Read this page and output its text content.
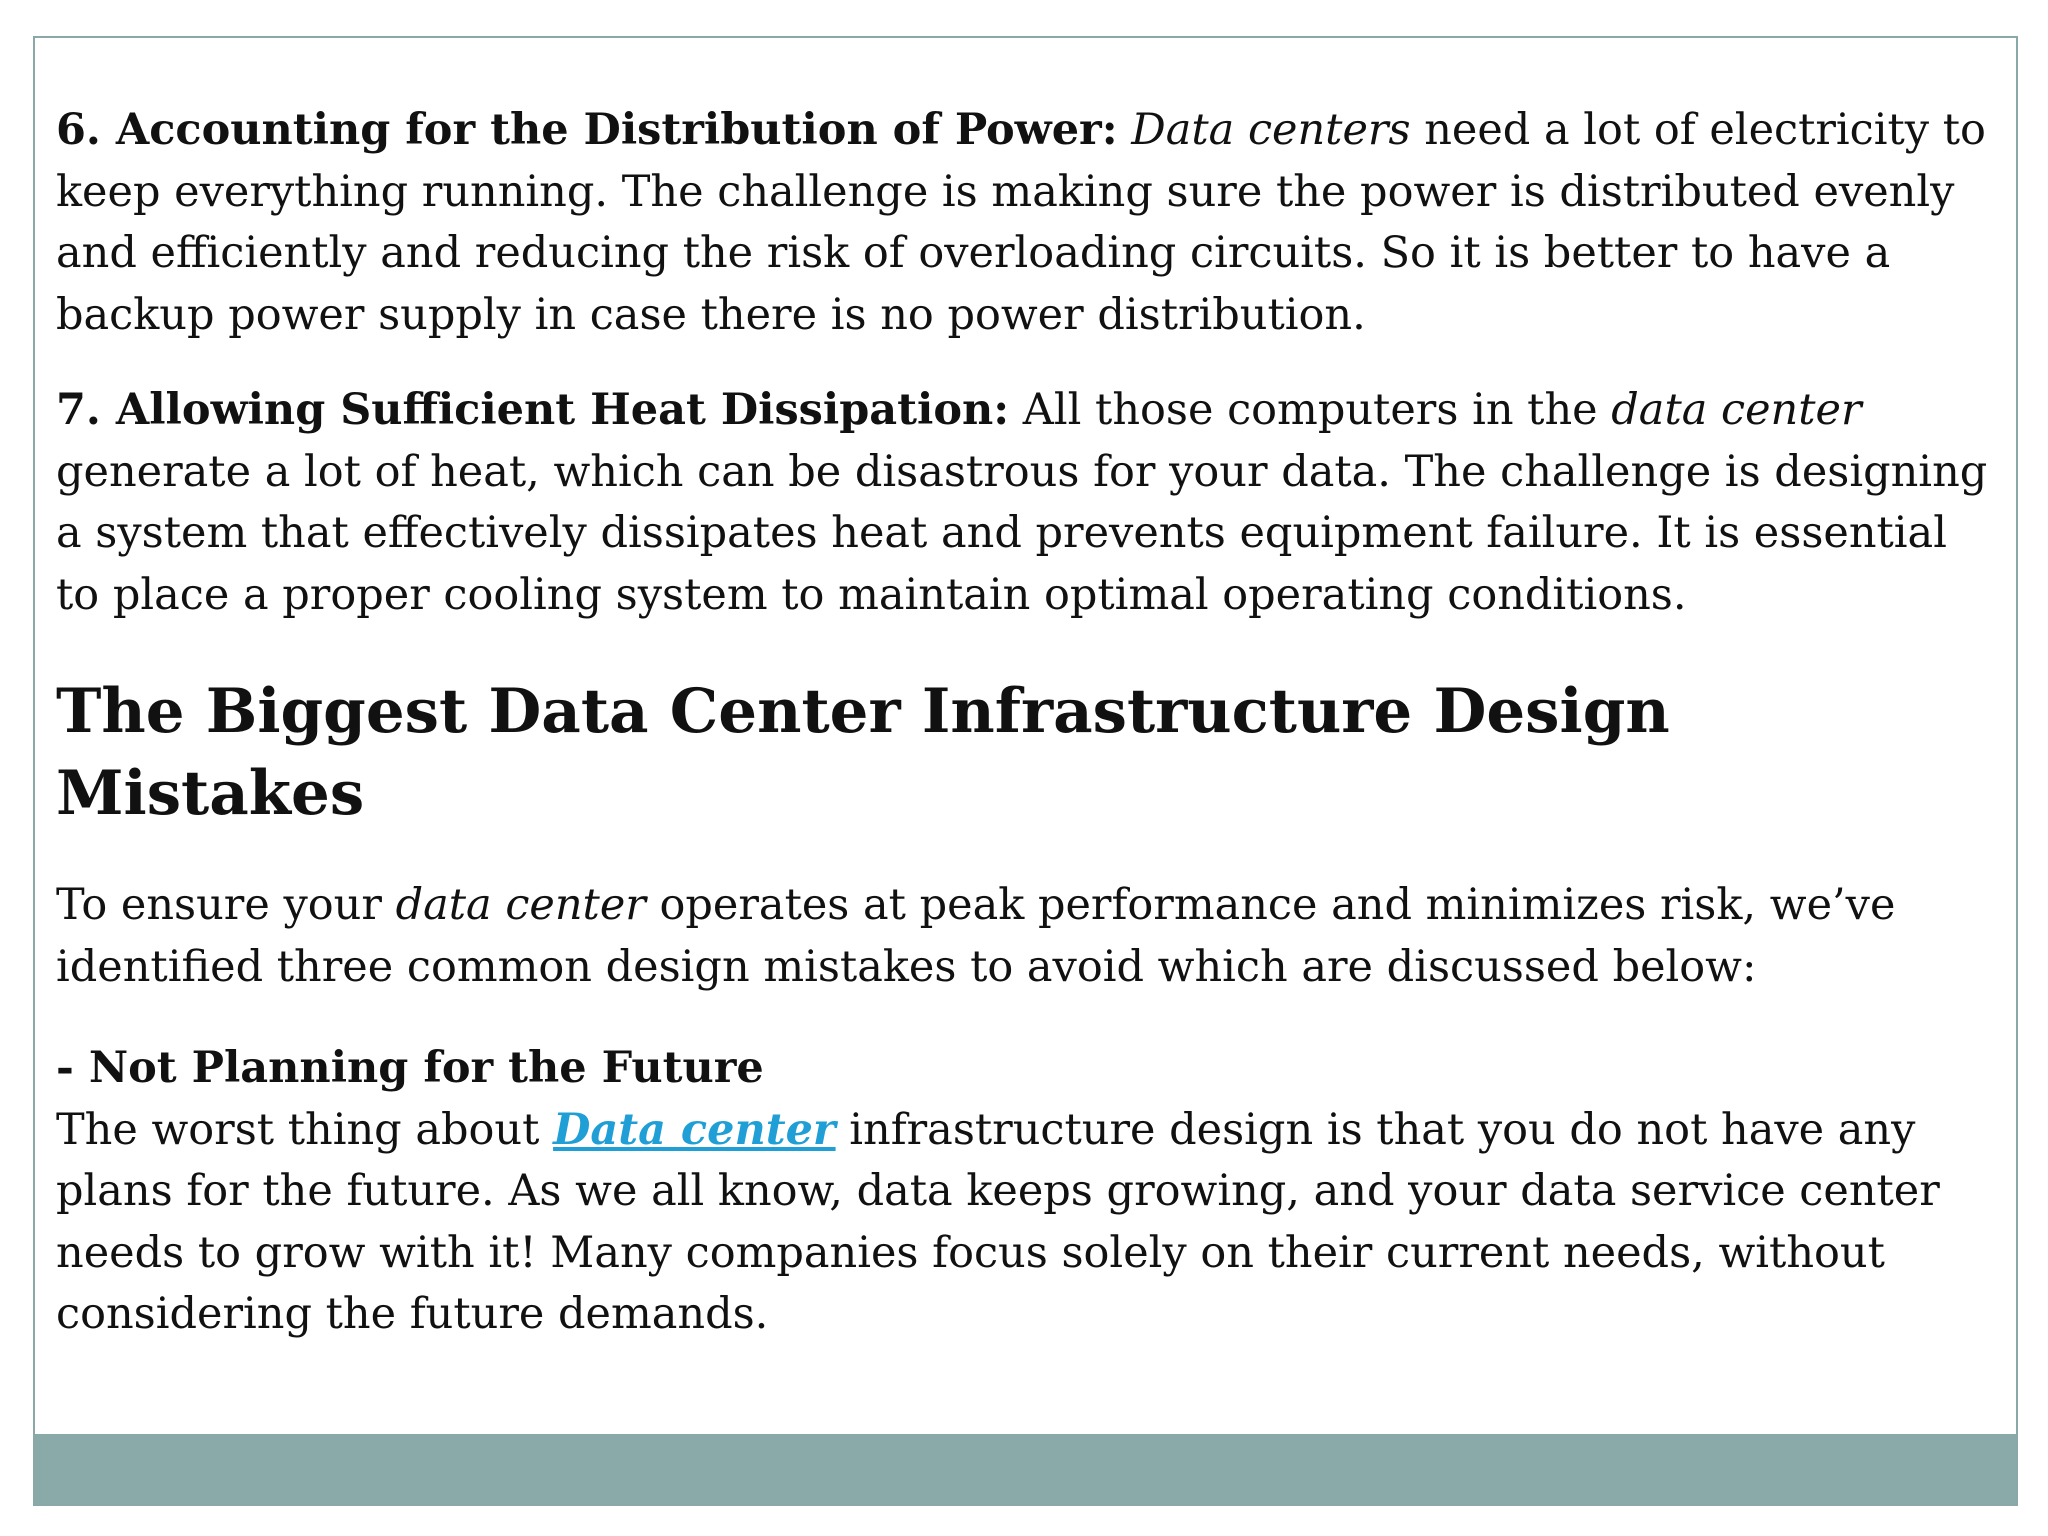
6. Accounting for the Distribution of Power: Data centers need a lot of electricity to keep everything running. The challenge is making sure the power is distributed evenly and efficiently and reducing the risk of overloading circuits. So it is better to have a backup power supply in case there is no power distribution.

7. Allowing Sufficient Heat Dissipation: All those computers in the data center generate a lot of heat, which can be disastrous for your data. The challenge is designing a system that effectively dissipates heat and prevents equipment failure. It is essential to place a proper cooling system to maintain optimal operating conditions.

The Biggest Data Center Infrastructure Design Mistakes

To ensure your data center operates at peak performance and minimizes risk, we’ve identified three common design mistakes to avoid which are discussed below:

- Not Planning for the Future
The worst thing about Data center infrastructure design is that you do not have any plans for the future. As we all know, data keeps growing, and your data service center needs to grow with it! Many companies focus solely on their current needs, without considering the future demands.
